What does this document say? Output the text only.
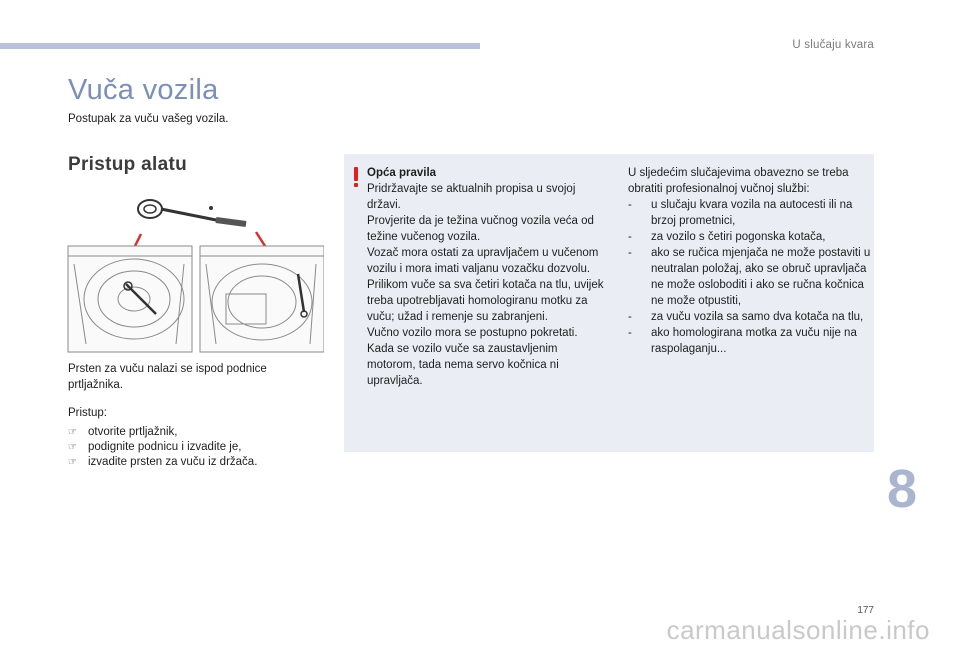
U slučaju kvara
Vuča vozila
Postupak za vuču vašeg vozila.
Pristup alatu
Prsten za vuču nalazi se ispod podnice prtljažnika.
Pristup:
☞ otvorite prtljažnik,
☞ podignite podnicu i izvadite je,
☞ izvadite prsten za vuču iz držača.
Opća pravila
Pridržavajte se aktualnih propisa u svojoj državi.
Provjerite da je težina vučnog vozila veća od težine vučenog vozila.
Vozač mora ostati za upravljačem u vučenom vozilu i mora imati valjanu vozačku dozvolu.
Prilikom vuče sa sva četiri kotača na tlu, uvijek treba upotrebljavati homologiranu motku za vuču; užad i remenje su zabranjeni.
Vučno vozilo mora se postupno pokretati.
Kada se vozilo vuče sa zaustavljenim motorom, tada nema servo kočnica ni upravljača.
U sljedećim slučajevima obavezno se treba obratiti profesionalnoj vučnoj službi:
-	u slučaju kvara vozila na autocesti ili na brzoj prometnici,
-	za vozilo s četiri pogonska kotača,
-	ako se ručica mjenjača ne može postaviti u neutralan položaj, ako se obruč upravljača ne može osloboditi i ako se ručna kočnica ne može otpustiti,
-	za vuču vozila sa samo dva kotača na tlu,
-	ako homologirana motka za vuču nije na raspolaganju...
8
177
carmanualsonline.info
